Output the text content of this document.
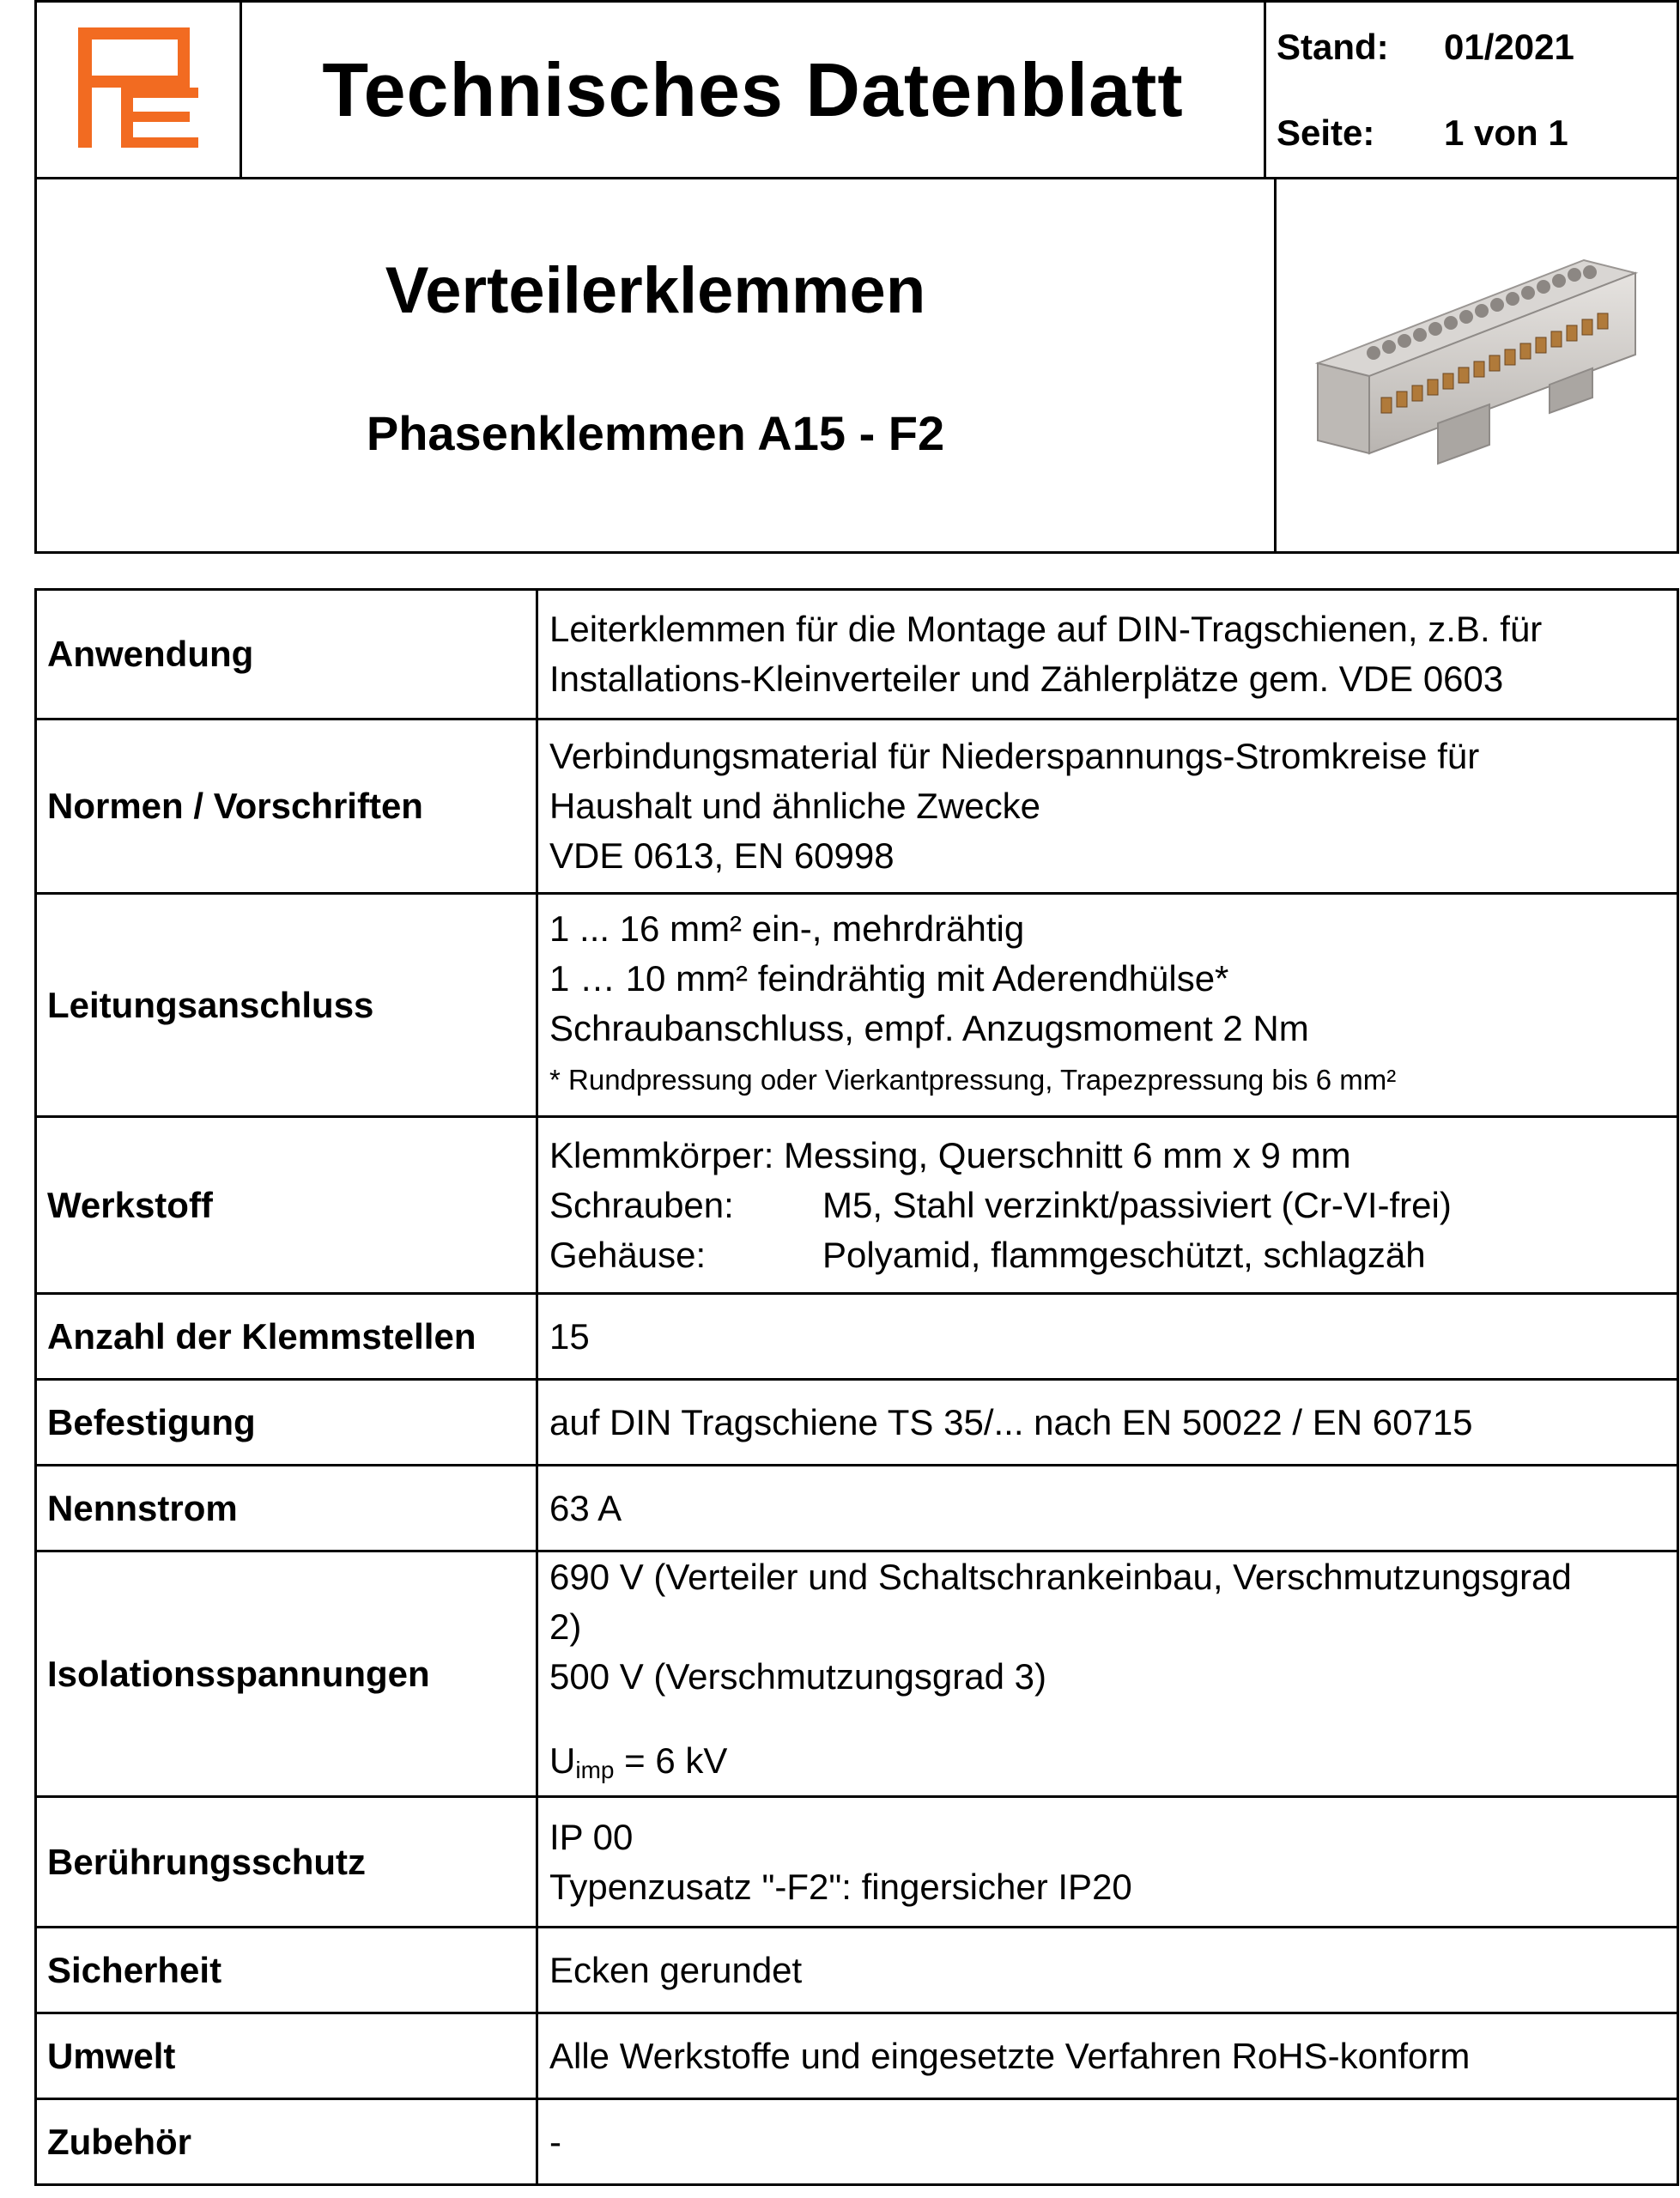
	Technisches Datenblatt	
Stand:	01/2021
Seite:	1 von 1
Verteilerklemmen
Phasenklemmen A15 - F2

Anwendung	Leiterklemmen für die Montage auf DIN-Tragschienen, z.B. für
Installations-Kleinverteiler und Zählerplätze gem. VDE 0603

Normen / Vorschriften	Verbindungsmaterial für Niederspannungs-Stromkreise für
Haushalt und ähnliche Zwecke
VDE 0613, EN 60998

Leitungsanschluss	1 ... 16 mm² ein-, mehrdrähtig
1 … 10 mm² feindrähtig mit Aderendhülse*
Schraubanschluss, empf. Anzugsmoment 2 Nm
* Rundpressung oder Vierkantpressung, Trapezpressung bis 6 mm²

Werkstoff	Klemmkörper: Messing, Querschnitt 6 mm x 9 mm
Schrauben: M5, Stahl verzinkt/passiviert (Cr-VI-frei)
Gehäuse: Polyamid, flammgeschützt, schlagzäh

Anzahl der Klemmstellen	15
Befestigung	auf DIN Tragschiene TS 35/... nach EN 50022 / EN 60715
Nennstrom	63 A
Isolationsspannungen	690 V (Verteiler und Schaltschrankeinbau, Verschmutzungsgrad
2)
500 V (Verschmutzungsgrad 3)
$U_{imp} = 6$ kV

Berührungsschutz	IP 00
Typenzusatz "-F2": fingersicher IP20

Sicherheit	Ecken gerundet
Umwelt	Alle Werkstoffe und eingesetzte Verfahren RoHS-konform
Zubehör	-
